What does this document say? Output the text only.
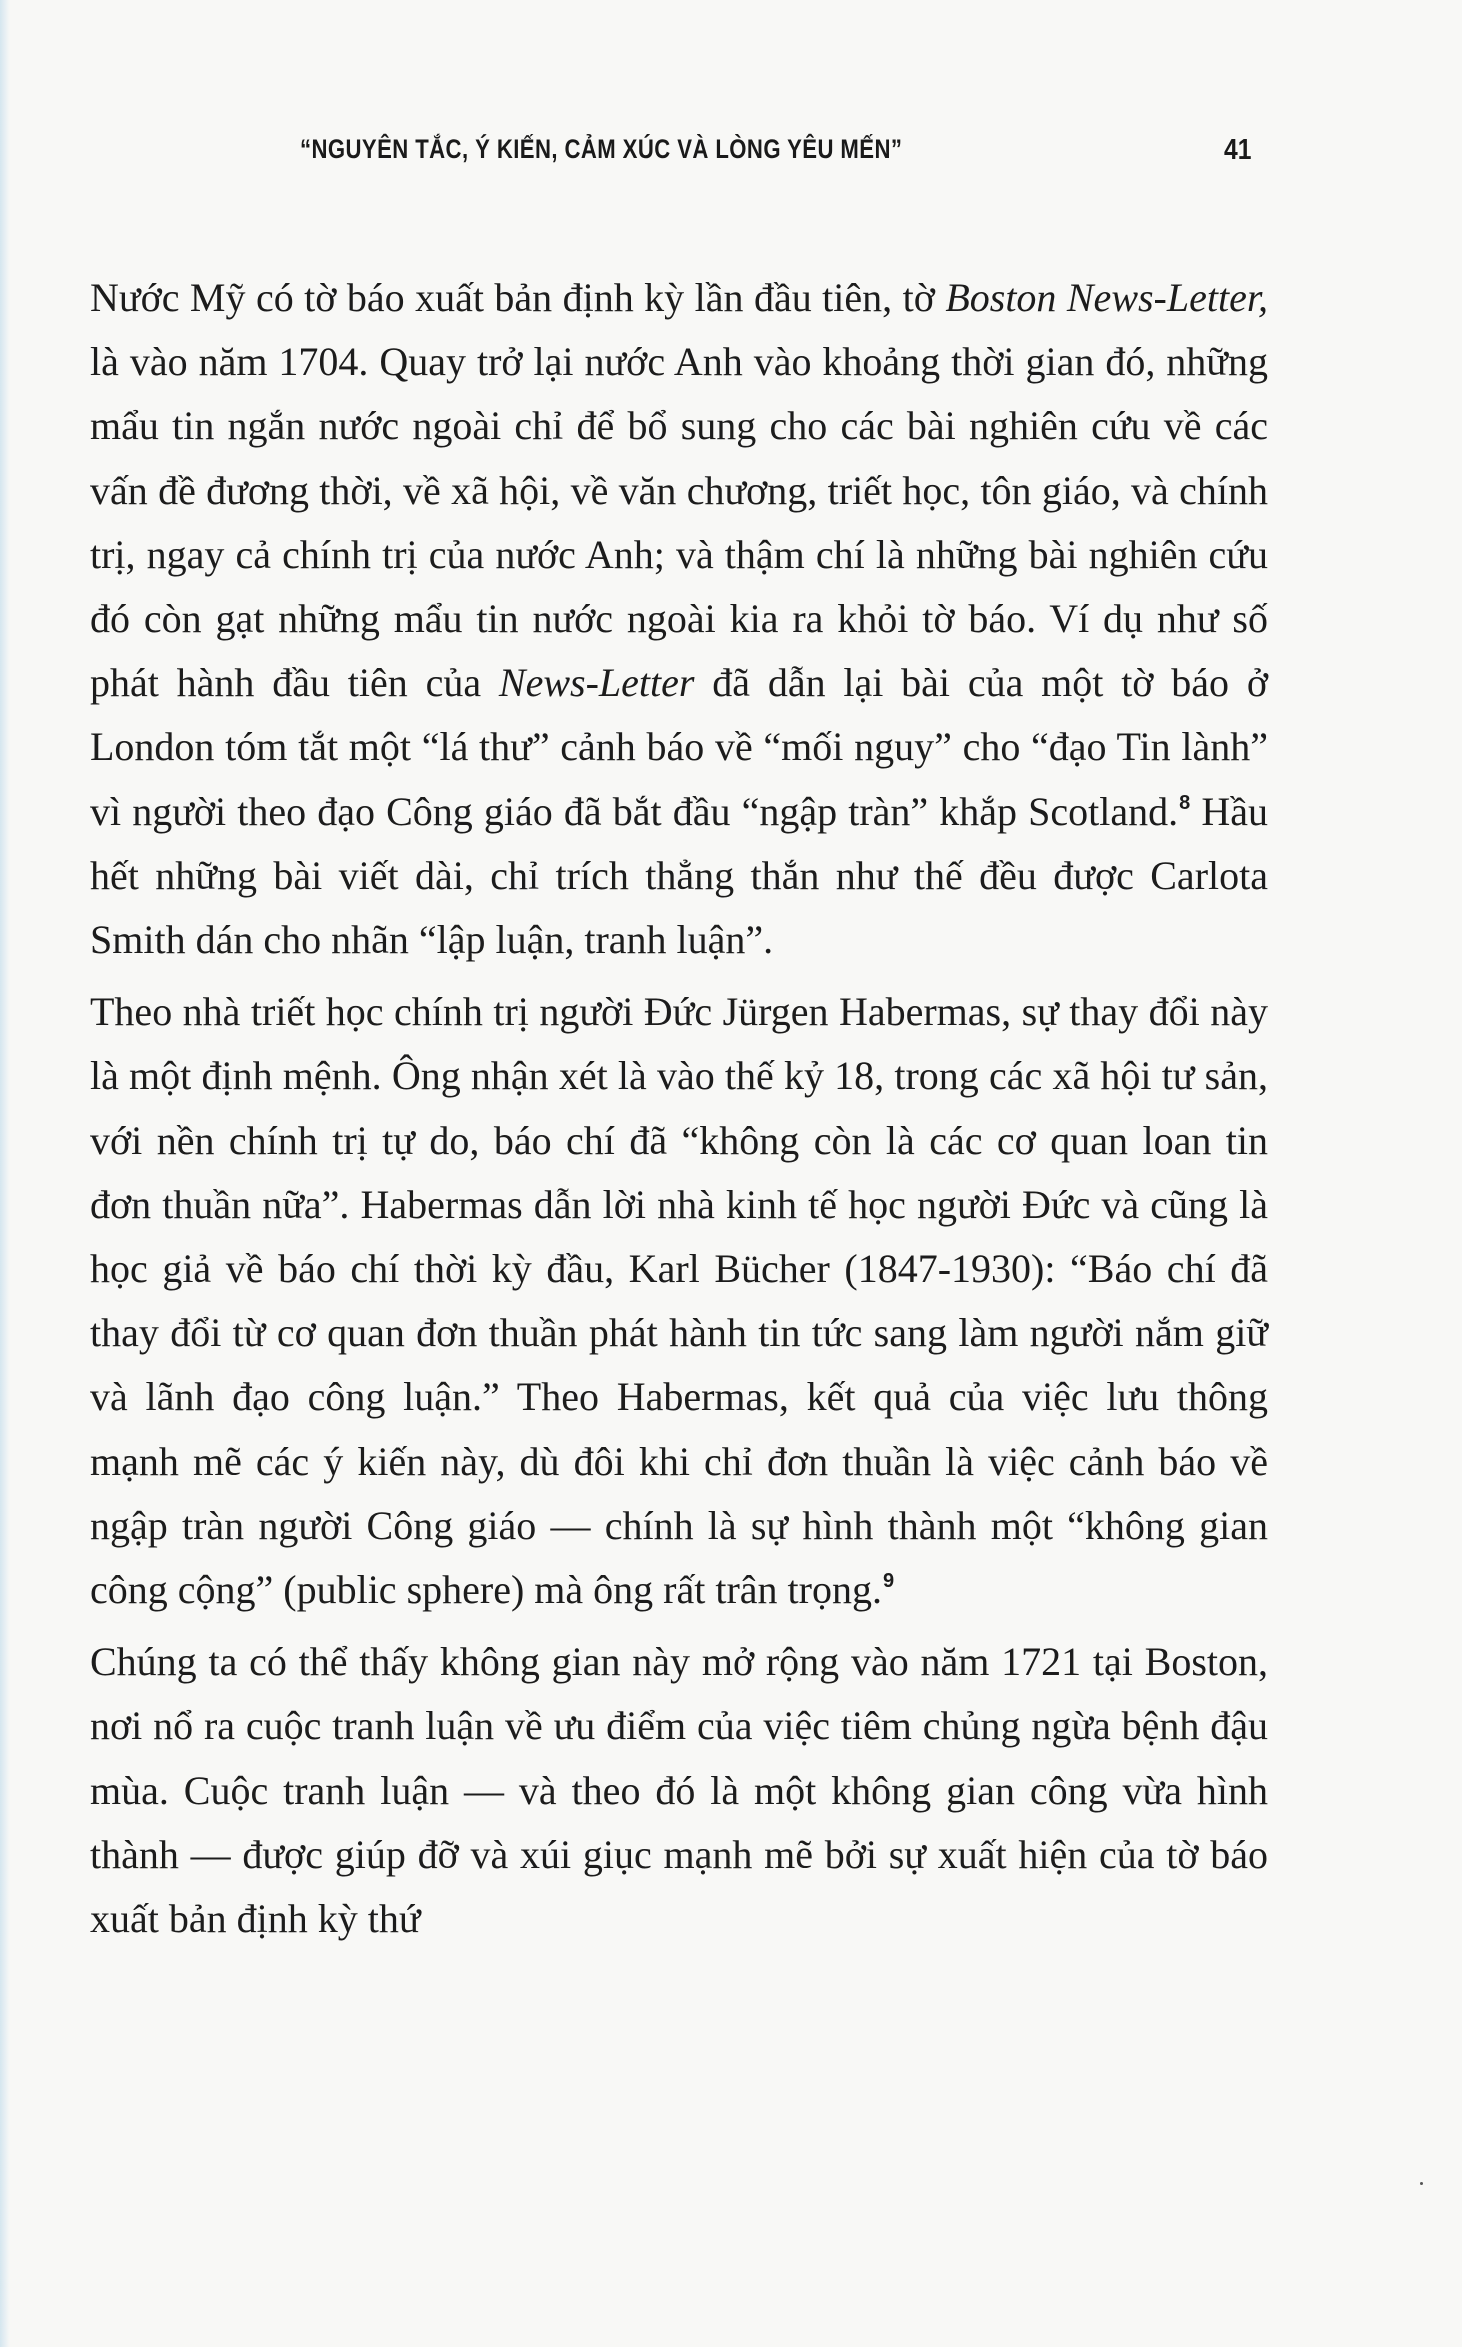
“NGUYÊN TẮC, Ý KIẾN, CẢM XÚC VÀ LÒNG YÊU MẾN”	41

Nước Mỹ có tờ báo xuất bản định kỳ lần đầu tiên, tờ Boston News-Letter, là vào năm 1704. Quay trở lại nước Anh vào khoảng thời gian đó, những mẩu tin ngắn nước ngoài chỉ để bổ sung cho các bài nghiên cứu về các vấn đề đương thời, về xã hội, về văn chương, triết học, tôn giáo, và chính trị, ngay cả chính trị của nước Anh; và thậm chí là những bài nghiên cứu đó còn gạt những mẩu tin nước ngoài kia ra khỏi tờ báo. Ví dụ như số phát hành đầu tiên của News-Letter đã dẫn lại bài của một tờ báo ở London tóm tắt một “lá thư” cảnh báo về “mối nguy” cho “đạo Tin lành” vì người theo đạo Công giáo đã bắt đầu “ngập tràn” khắp Scotland.$^8$ Hầu hết những bài viết dài, chỉ trích thẳng thắn như thế đều được Carlota Smith dán cho nhãn “lập luận, tranh luận”.

Theo nhà triết học chính trị người Đức Jürgen Habermas, sự thay đổi này là một định mệnh. Ông nhận xét là vào thế kỷ 18, trong các xã hội tư sản, với nền chính trị tự do, báo chí đã “không còn là các cơ quan loan tin đơn thuần nữa”. Habermas dẫn lời nhà kinh tế học người Đức và cũng là học giả về báo chí thời kỳ đầu, Karl Bücher (1847-1930): “Báo chí đã thay đổi từ cơ quan đơn thuần phát hành tin tức sang làm người nắm giữ và lãnh đạo công luận.” Theo Habermas, kết quả của việc lưu thông mạnh mẽ các ý kiến này, dù đôi khi chỉ đơn thuần là việc cảnh báo về ngập tràn người Công giáo — chính là sự hình thành một “không gian công cộng” (public sphere) mà ông rất trân trọng.$^9$

Chúng ta có thể thấy không gian này mở rộng vào năm 1721 tại Boston, nơi nổ ra cuộc tranh luận về ưu điểm của việc tiêm chủng ngừa bệnh đậu mùa. Cuộc tranh luận — và theo đó là một không gian công vừa hình thành — được giúp đỡ và xúi giục mạnh mẽ bởi sự xuất hiện của tờ báo xuất bản định kỳ thứ
